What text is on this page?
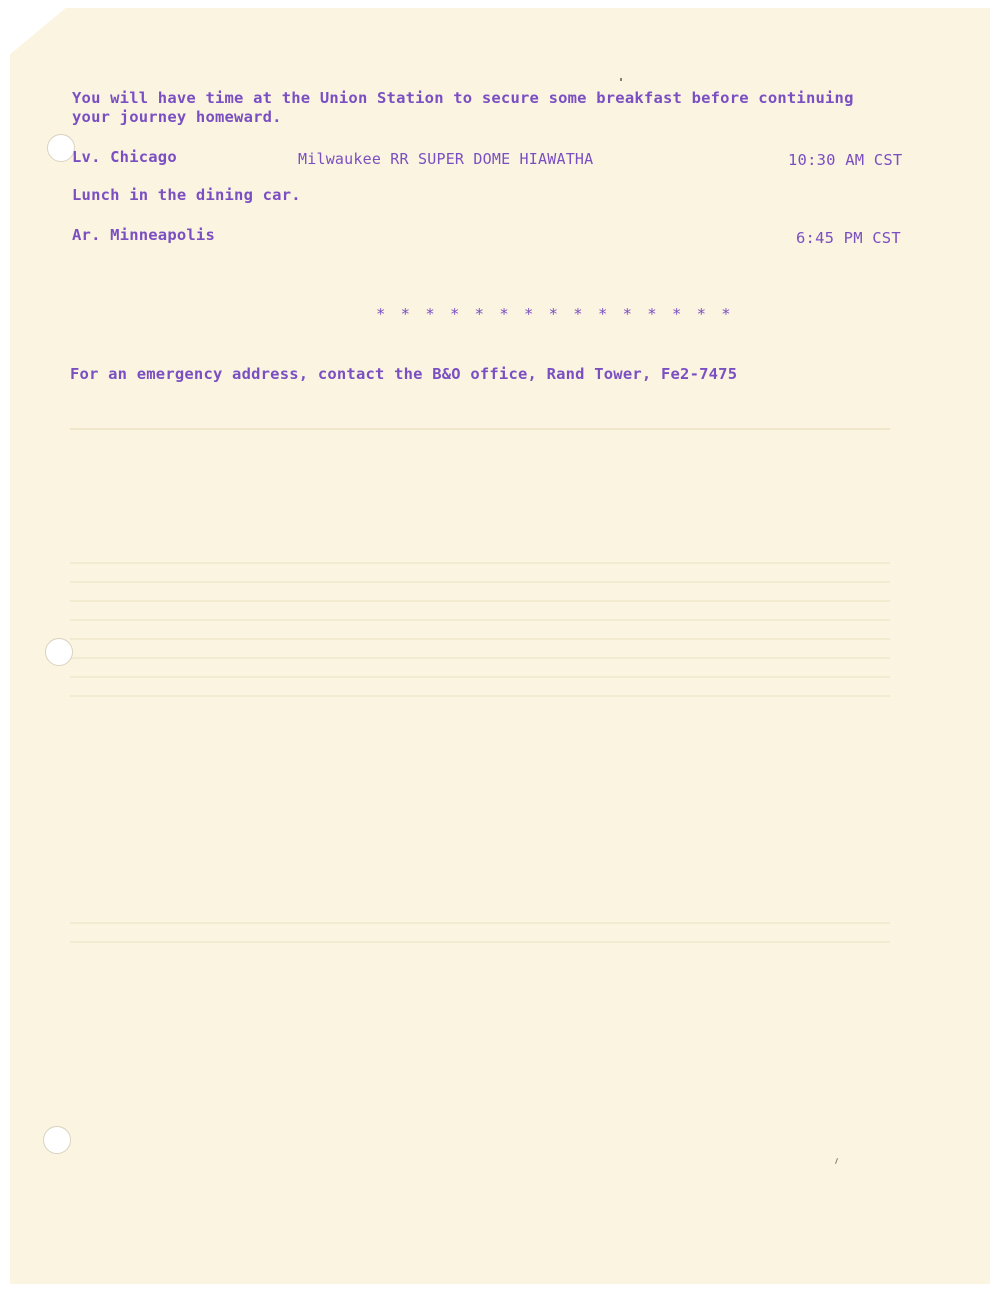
You will have time at the Union Station to secure some breakfast before continuing
your journey homeward.
Lv. Chicago	Milwaukee RR SUPER DOME HIAWATHA	10:30 AM CST
Lunch in the dining car.
Ar. Minneapolis	6:45 PM CST
* * * * * * * * * * * * * * *
For an emergency address, contact the B&O office, Rand Tower, Fe2-7475
